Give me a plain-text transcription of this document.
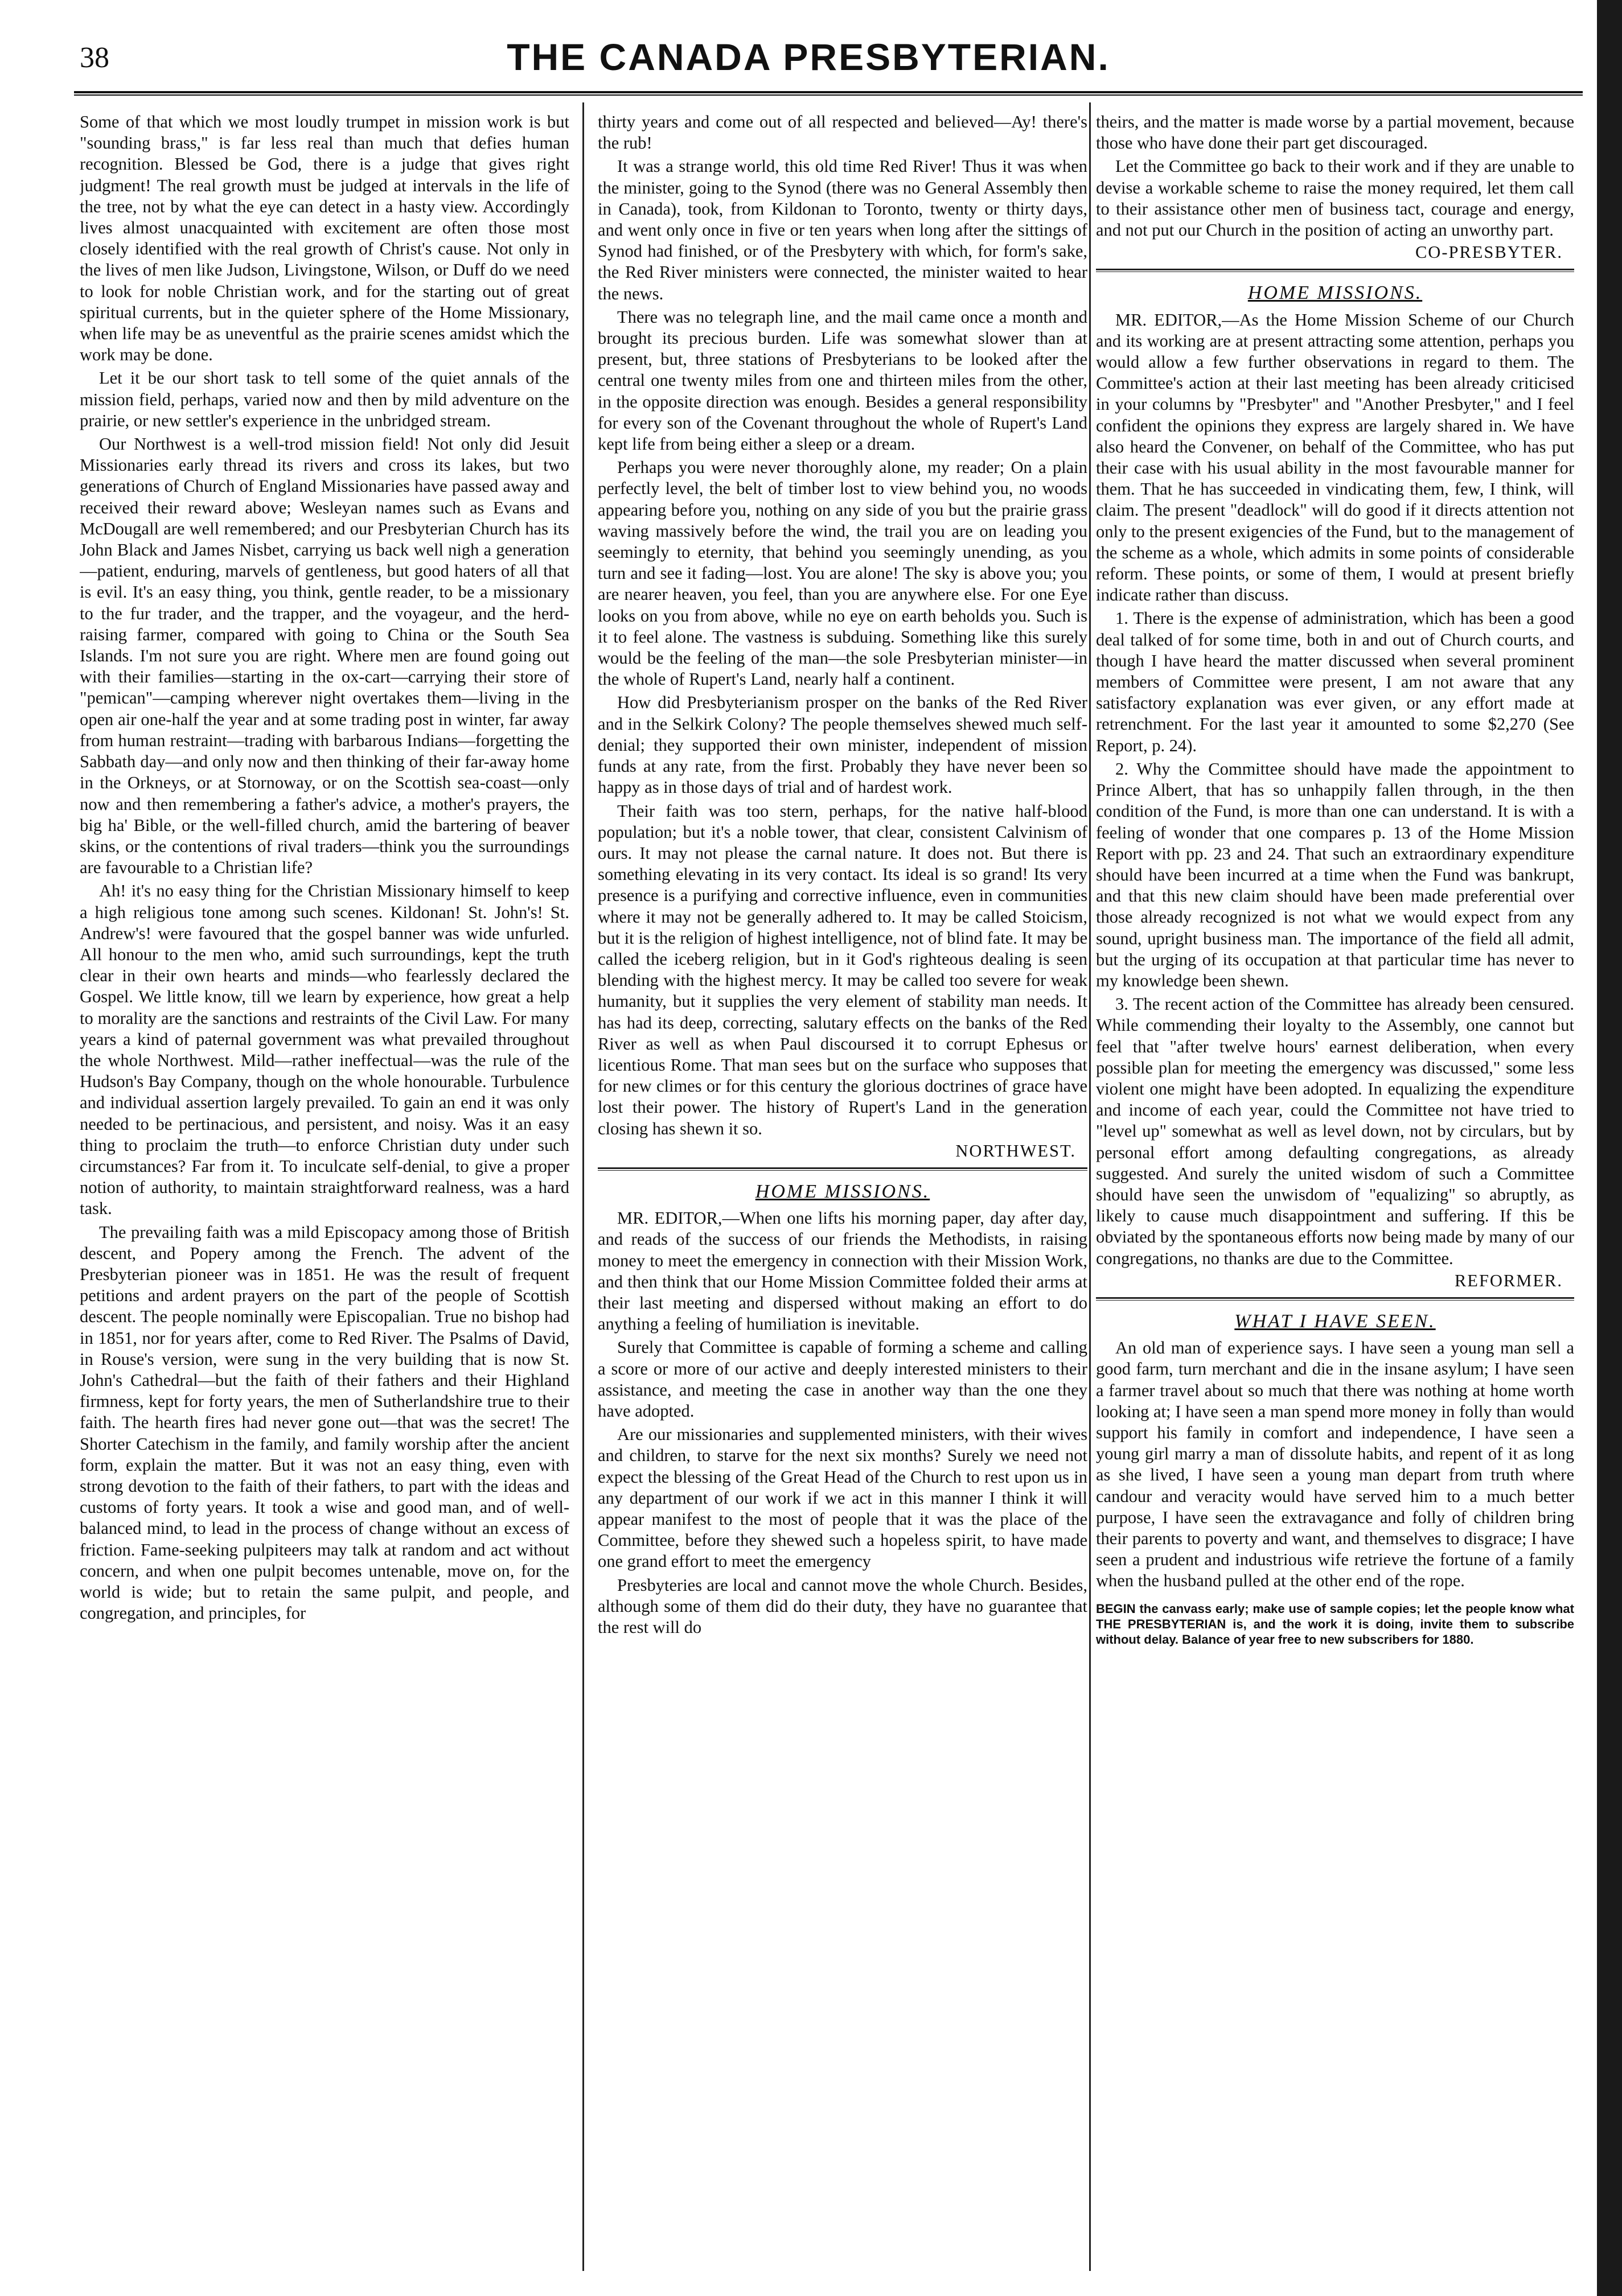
38	THE CANADA PRESBYTERIAN.

Some of that which we most loudly trumpet in mission work is but "sounding brass," is far less real than much that defies human recognition. Blessed be God, there is a judge that gives right judgment! The real growth must be judged at intervals in the life of the tree, not by what the eye can detect in a hasty view. Accordingly lives almost unacquainted with excitement are often those most closely identified with the real growth of Christ's cause. Not only in the lives of men like Judson, Livingstone, Wilson, or Duff do we need to look for noble Christian work, and for the starting out of great spiritual currents, but in the quieter sphere of the Home Missionary, when life may be as uneventful as the prairie scenes amidst which the work may be done.

Let it be our short task to tell some of the quiet annals of the mission field, perhaps, varied now and then by mild adventure on the prairie, or new settler's experience in the unbridged stream.

Our Northwest is a well-trod mission field! Not only did Jesuit Missionaries early thread its rivers and cross its lakes, but two generations of Church of England Missionaries have passed away and received their reward above; Wesleyan names such as Evans and McDougall are well remembered; and our Presbyterian Church has its John Black and James Nisbet, carrying us back well nigh a generation—patient, enduring, marvels of gentleness, but good haters of all that is evil. It's an easy thing, you think, gentle reader, to be a missionary to the fur trader, and the trapper, and the voyageur, and the herd-raising farmer, compared with going to China or the South Sea Islands. I'm not sure you are right. Where men are found going out with their families—starting in the ox-cart—carrying their store of "pemican"—camping wherever night overtakes them—living in the open air one-half the year and at some trading post in winter, far away from human restraint—trading with barbarous Indians—forgetting the Sabbath day—and only now and then thinking of their far-away home in the Orkneys, or at Stornoway, or on the Scottish sea-coast—only now and then remembering a father's advice, a mother's prayers, the big ha' Bible, or the well-filled church, amid the bartering of beaver skins, or the contentions of rival traders—think you the surroundings are favourable to a Christian life?

Ah! it's no easy thing for the Christian Missionary himself to keep a high religious tone among such scenes. Kildonan! St. John's! St. Andrew's! were favoured that the gospel banner was wide unfurled. All honour to the men who, amid such surroundings, kept the truth clear in their own hearts and minds—who fearlessly declared the Gospel. We little know, till we learn by experience, how great a help to morality are the sanctions and restraints of the Civil Law. For many years a kind of paternal government was what prevailed throughout the whole Northwest. Mild—rather ineffectual—was the rule of the Hudson's Bay Company, though on the whole honourable. Turbulence and individual assertion largely prevailed. To gain an end it was only needed to be pertinacious, and persistent, and noisy. Was it an easy thing to proclaim the truth—to enforce Christian duty under such circumstances? Far from it. To inculcate self-denial, to give a proper notion of authority, to maintain straightforward realness, was a hard task.

The prevailing faith was a mild Episcopacy among those of British descent, and Popery among the French. The advent of the Presbyterian pioneer was in 1851. He was the result of frequent petitions and ardent prayers on the part of the people of Scottish descent. The people nominally were Episcopalian. True no bishop had in 1851, nor for years after, come to Red River. The Psalms of David, in Rouse's version, were sung in the very building that is now St. John's Cathedral—but the faith of their fathers and their Highland firmness, kept for forty years, the men of Sutherlandshire true to their faith. The hearth fires had never gone out—that was the secret! The Shorter Catechism in the family, and family worship after the ancient form, explain the matter. But it was not an easy thing, even with strong devotion to the faith of their fathers, to part with the ideas and customs of forty years. It took a wise and good man, and of well-balanced mind, to lead in the process of change without an excess of friction. Fame-seeking pulpiteers may talk at random and act without concern, and when one pulpit becomes untenable, move on, for the world is wide; but to retain the same pulpit, and people, and congregation, and principles, for

thirty years and come out of all respected and believed—Ay! there's the rub!

It was a strange world, this old time Red River! Thus it was when the minister, going to the Synod (there was no General Assembly then in Canada), took, from Kildonan to Toronto, twenty or thirty days, and went only once in five or ten years when long after the sittings of Synod had finished, or of the Presbytery with which, for form's sake, the Red River ministers were connected, the minister waited to hear the news.

There was no telegraph line, and the mail came once a month and brought its precious burden. Life was somewhat slower than at present, but, three stations of Presbyterians to be looked after the central one twenty miles from one and thirteen miles from the other, in the opposite direction was enough. Besides a general responsibility for every son of the Covenant throughout the whole of Rupert's Land kept life from being either a sleep or a dream.

Perhaps you were never thoroughly alone, my reader; On a plain perfectly level, the belt of timber lost to view behind you, no woods appearing before you, nothing on any side of you but the prairie grass waving massively before the wind, the trail you are on leading you seemingly to eternity, that behind you seemingly unending, as you turn and see it fading—lost. You are alone! The sky is above you; you are nearer heaven, you feel, than you are anywhere else. For one Eye looks on you from above, while no eye on earth beholds you. Such is it to feel alone. The vastness is subduing. Something like this surely would be the feeling of the man—the sole Presbyterian minister—in the whole of Rupert's Land, nearly half a continent.

How did Presbyterianism prosper on the banks of the Red River and in the Selkirk Colony? The people themselves shewed much self-denial; they supported their own minister, independent of mission funds at any rate, from the first. Probably they have never been so happy as in those days of trial and of hardest work.

Their faith was too stern, perhaps, for the native half-blood population; but it's a noble tower, that clear, consistent Calvinism of ours. It may not please the carnal nature. It does not. But there is something elevating in its very contact. Its ideal is so grand! Its very presence is a purifying and corrective influence, even in communities where it may not be generally adhered to. It may be called Stoicism, but it is the religion of highest intelligence, not of blind fate. It may be called the iceberg religion, but in it God's righteous dealing is seen blending with the highest mercy. It may be called too severe for weak humanity, but it supplies the very element of stability man needs. It has had its deep, correcting, salutary effects on the banks of the Red River as well as when Paul discoursed it to corrupt Ephesus or licentious Rome. That man sees but on the surface who supposes that for new climes or for this century the glorious doctrines of grace have lost their power. The history of Rupert's Land in the generation closing has shewn it so.

NORTHWEST.
HOME MISSIONS.

MR. EDITOR,—When one lifts his morning paper, day after day, and reads of the success of our friends the Methodists, in raising money to meet the emergency in connection with their Mission Work, and then think that our Home Mission Committee folded their arms at their last meeting and dispersed without making an effort to do anything a feeling of humiliation is inevitable.

Surely that Committee is capable of forming a scheme and calling a score or more of our active and deeply interested ministers to their assistance, and meeting the case in another way than the one they have adopted.

Are our missionaries and supplemented ministers, with their wives and children, to starve for the next six months? Surely we need not expect the blessing of the Great Head of the Church to rest upon us in any department of our work if we act in this manner I think it will appear manifest to the most of people that it was the place of the Committee, before they shewed such a hopeless spirit, to have made one grand effort to meet the emergency

Presbyteries are local and cannot move the whole Church. Besides, although some of them did do their duty, they have no guarantee that the rest will do

theirs, and the matter is made worse by a partial movement, because those who have done their part get discouraged.

Let the Committee go back to their work and if they are unable to devise a workable scheme to raise the money required, let them call to their assistance other men of business tact, courage and energy, and not put our Church in the position of acting an unworthy part.

CO-PRESBYTER.
HOME MISSIONS.

MR. EDITOR,—As the Home Mission Scheme of our Church and its working are at present attracting some attention, perhaps you would allow a few further observations in regard to them. The Committee's action at their last meeting has been already criticised in your columns by "Presbyter" and "Another Presbyter," and I feel confident the opinions they express are largely shared in. We have also heard the Convener, on behalf of the Committee, who has put their case with his usual ability in the most favourable manner for them. That he has succeeded in vindicating them, few, I think, will claim. The present "deadlock" will do good if it directs attention not only to the present exigencies of the Fund, but to the management of the scheme as a whole, which admits in some points of considerable reform. These points, or some of them, I would at present briefly indicate rather than discuss.

1. There is the expense of administration, which has been a good deal talked of for some time, both in and out of Church courts, and though I have heard the matter discussed when several prominent members of Committee were present, I am not aware that any satisfactory explanation was ever given, or any effort made at retrenchment. For the last year it amounted to some $2,270 (See Report, p. 24).

2. Why the Committee should have made the appointment to Prince Albert, that has so unhappily fallen through, in the then condition of the Fund, is more than one can understand. It is with a feeling of wonder that one compares p. 13 of the Home Mission Report with pp. 23 and 24. That such an extraordinary expenditure should have been incurred at a time when the Fund was bankrupt, and that this new claim should have been made preferential over those already recognized is not what we would expect from any sound, upright business man. The importance of the field all admit, but the urging of its occupation at that particular time has never to my knowledge been shewn.

3. The recent action of the Committee has already been censured. While commending their loyalty to the Assembly, one cannot but feel that "after twelve hours' earnest deliberation, when every possible plan for meeting the emergency was discussed," some less violent one might have been adopted. In equalizing the expenditure and income of each year, could the Committee not have tried to "level up" somewhat as well as level down, not by circulars, but by personal effort among defaulting congregations, as already suggested. And surely the united wisdom of such a Committee should have seen the unwisdom of "equalizing" so abruptly, as likely to cause much disappointment and suffering. If this be obviated by the spontaneous efforts now being made by many of our congregations, no thanks are due to the Committee.

REFORMER.
WHAT I HAVE SEEN.

An old man of experience says. I have seen a young man sell a good farm, turn merchant and die in the insane asylum; I have seen a farmer travel about so much that there was nothing at home worth looking at; I have seen a man spend more money in folly than would support his family in comfort and independence, I have seen a young girl marry a man of dissolute habits, and repent of it as long as she lived, I have seen a young man depart from truth where candour and veracity would have served him to a much better purpose, I have seen the extravagance and folly of children bring their parents to poverty and want, and themselves to disgrace; I have seen a prudent and industrious wife retrieve the fortune of a family when the husband pulled at the other end of the rope.

BEGIN the canvass early; make use of sample copies; let the people know what THE PRESBYTERIAN is, and the work it is doing, invite them to subscribe without delay. Balance of year free to new subscribers for 1880.
